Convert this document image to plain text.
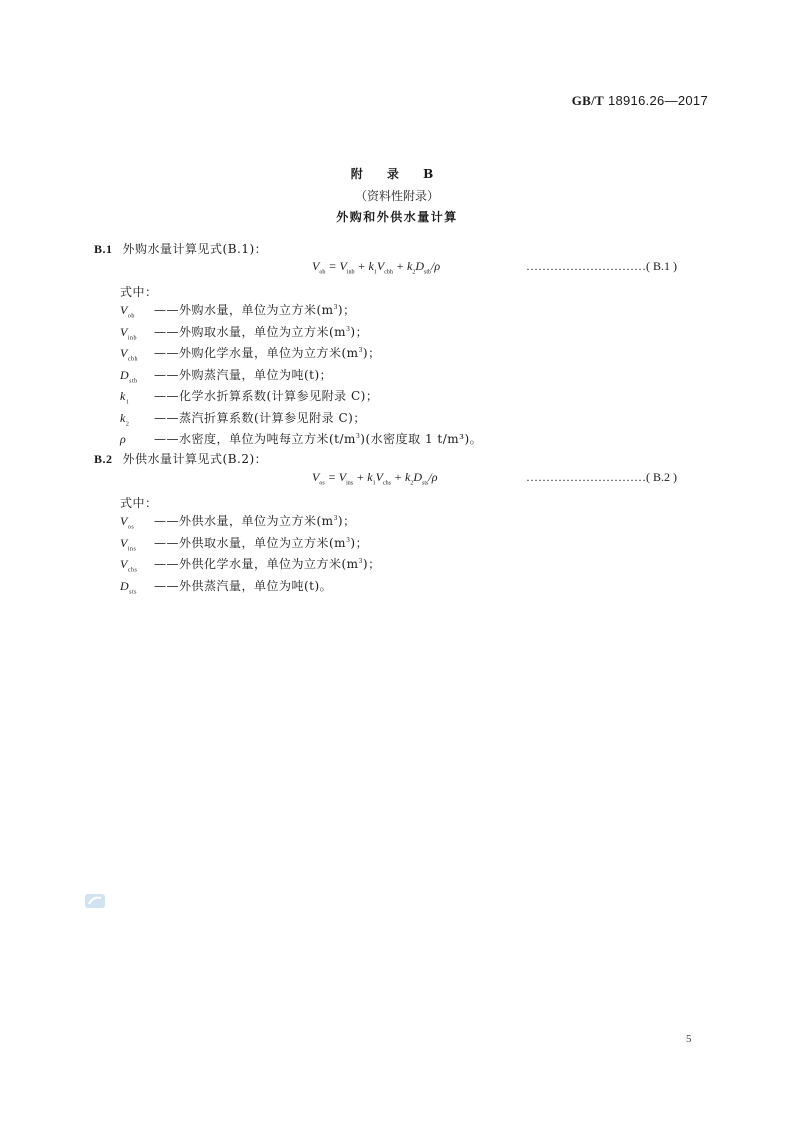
GB/T 18916.26—2017
附 录 B
（资料性附录）
外购和外供水量计算
B.1 外购水量计算见式(B.1)：
$V_{ob} = V_{inb} + k_1V_{cbh} + k_2D_{stb}/\rho$	…………………………( B.1 )
式中：
$V_{ob}$ ——外购水量，单位为立方米$(m^3)$；
$V_{inb}$ ——外购取水量，单位为立方米$(m^3)$；
$V_{cbh}$ ——外购化学水量，单位为立方米$(m^3)$；
$D_{stb}$ ——外购蒸汽量，单位为吨(t)；
$k_1$ ——化学水折算系数(计算参见附录 C)；
$k_2$ ——蒸汽折算系数(计算参见附录 C)；
ρ ——水密度，单位为吨每立方米$(t/m^3)$(水密度取 1 t/m³)。
B.2 外供水量计算见式(B.2)：
$V_{os} = V_{ins} + k_1V_{chs} + k_2D_{sts}/\rho$	…………………………( B.2 )
式中：
$V_{os}$ ——外供水量，单位为立方米$(m^3)$；
$V_{ins}$ ——外供取水量，单位为立方米$(m^3)$；
$V_{chs}$ ——外供化学水量，单位为立方米$(m^3)$；
$D_{sts}$ ——外供蒸汽量，单位为吨(t)。
5
